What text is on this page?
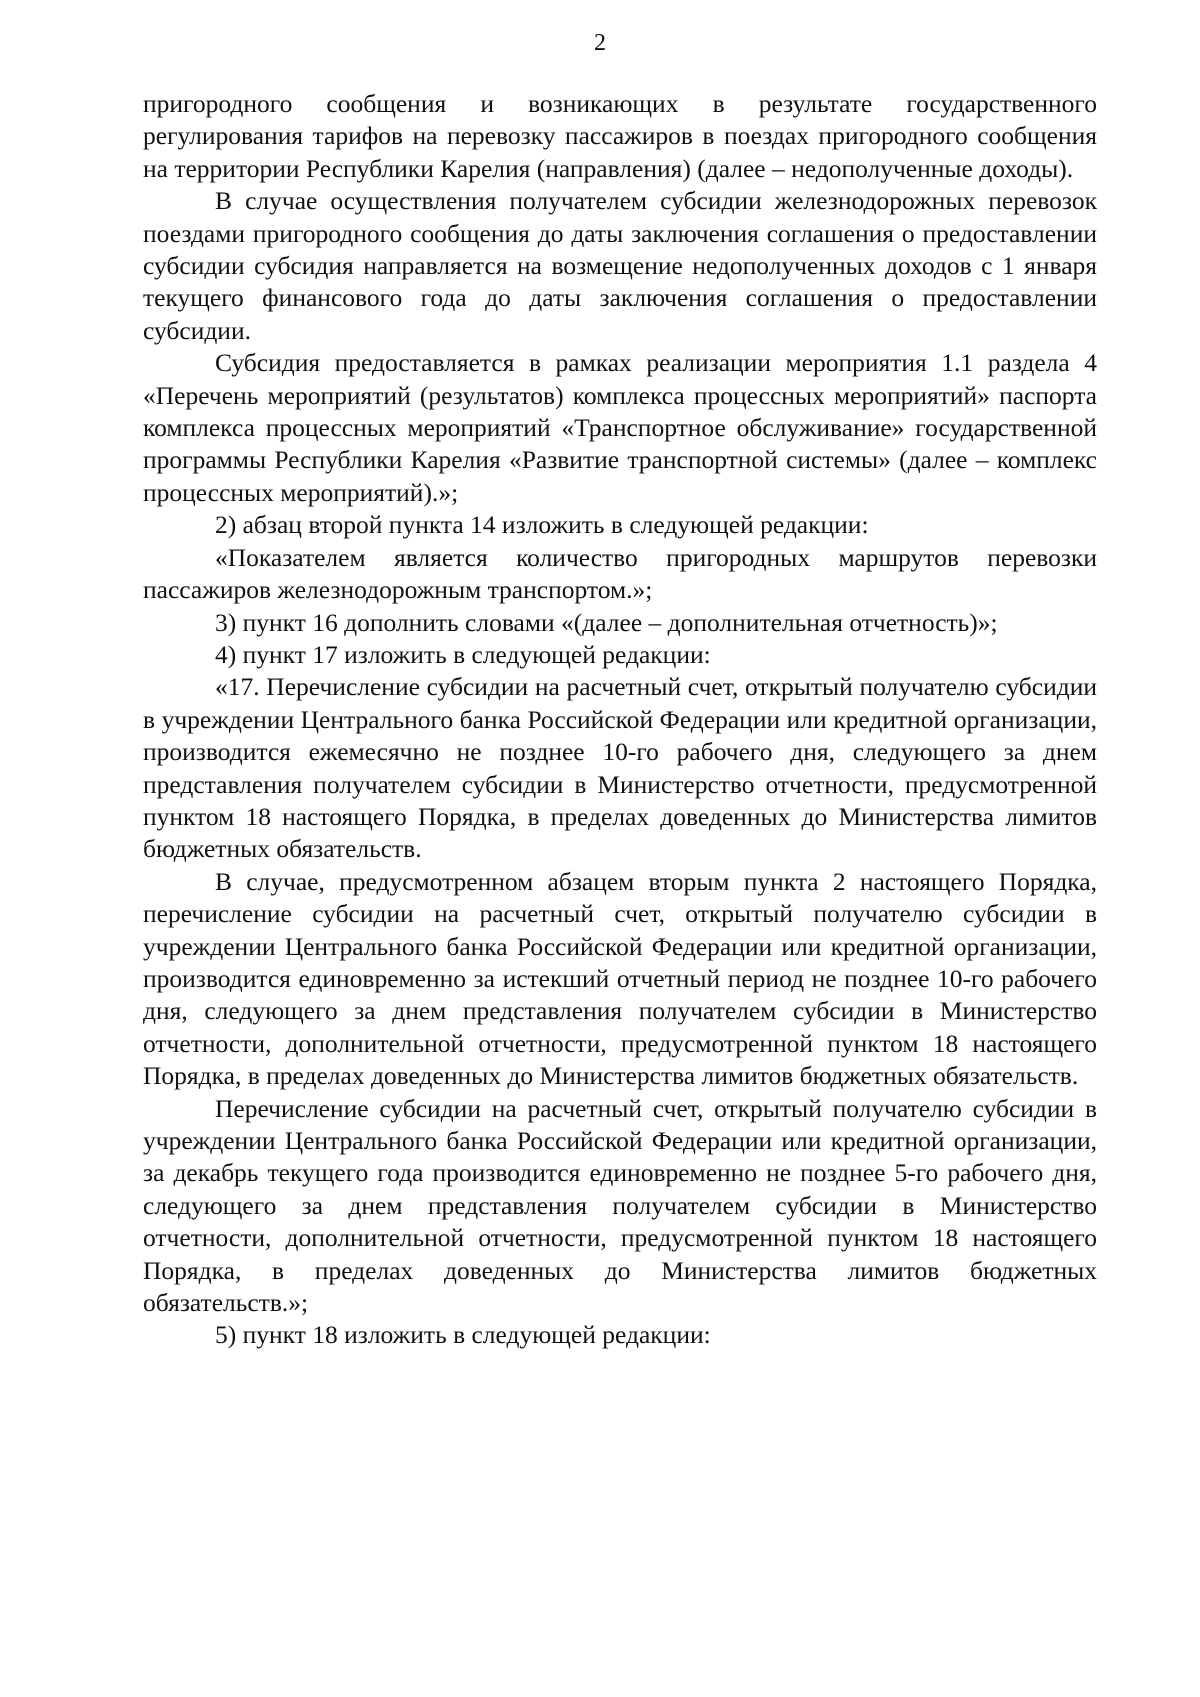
2

пригородного сообщения и возникающих в результате государственного регулирования тарифов на перевозку пассажиров в поездах пригородного сообщения на территории Республики Карелия (направления) (далее – недополученные доходы).

В случае осуществления получателем субсидии железнодорожных перевозок поездами пригородного сообщения до даты заключения соглашения о предоставлении субсидии субсидия направляется на возмещение недополученных доходов с 1 января текущего финансового года до даты заключения соглашения о предоставлении субсидии.

Субсидия предоставляется в рамках реализации мероприятия 1.1 раздела 4 «Перечень мероприятий (результатов) комплекса процессных мероприятий» паспорта комплекса процессных мероприятий «Транспортное обслуживание» государственной программы Республики Карелия «Развитие транспортной системы» (далее – комплекс процессных мероприятий).»;

2) абзац второй пункта 14 изложить в следующей редакции:

«Показателем является количество пригородных маршрутов перевозки пассажиров железнодорожным транспортом.»;

3) пункт 16 дополнить словами «(далее – дополнительная отчетность)»;

4) пункт 17 изложить в следующей редакции:

«17. Перечисление субсидии на расчетный счет, открытый получателю субсидии в учреждении Центрального банка Российской Федерации или кредитной организации, производится ежемесячно не позднее 10-го рабочего дня, следующего за днем представления получателем субсидии в Министерство отчетности, предусмотренной пунктом 18 настоящего Порядка, в пределах доведенных до Министерства лимитов бюджетных обязательств.

В случае, предусмотренном абзацем вторым пункта 2 настоящего Порядка, перечисление субсидии на расчетный счет, открытый получателю субсидии в учреждении Центрального банка Российской Федерации или кредитной организации, производится единовременно за истекший отчетный период не позднее 10-го рабочего дня, следующего за днем представления получателем субсидии в Министерство отчетности, дополнительной отчетности, предусмотренной пунктом 18 настоящего Порядка, в пределах доведенных до Министерства лимитов бюджетных обязательств.

Перечисление субсидии на расчетный счет, открытый получателю субсидии в учреждении Центрального банка Российской Федерации или кредитной организации, за декабрь текущего года производится единовременно не позднее 5-го рабочего дня, следующего за днем представления получателем субсидии в Министерство отчетности, дополнительной отчетности, предусмотренной пунктом 18 настоящего Порядка, в пределах доведенных до Министерства лимитов бюджетных обязательств.»;

5) пункт 18 изложить в следующей редакции:
